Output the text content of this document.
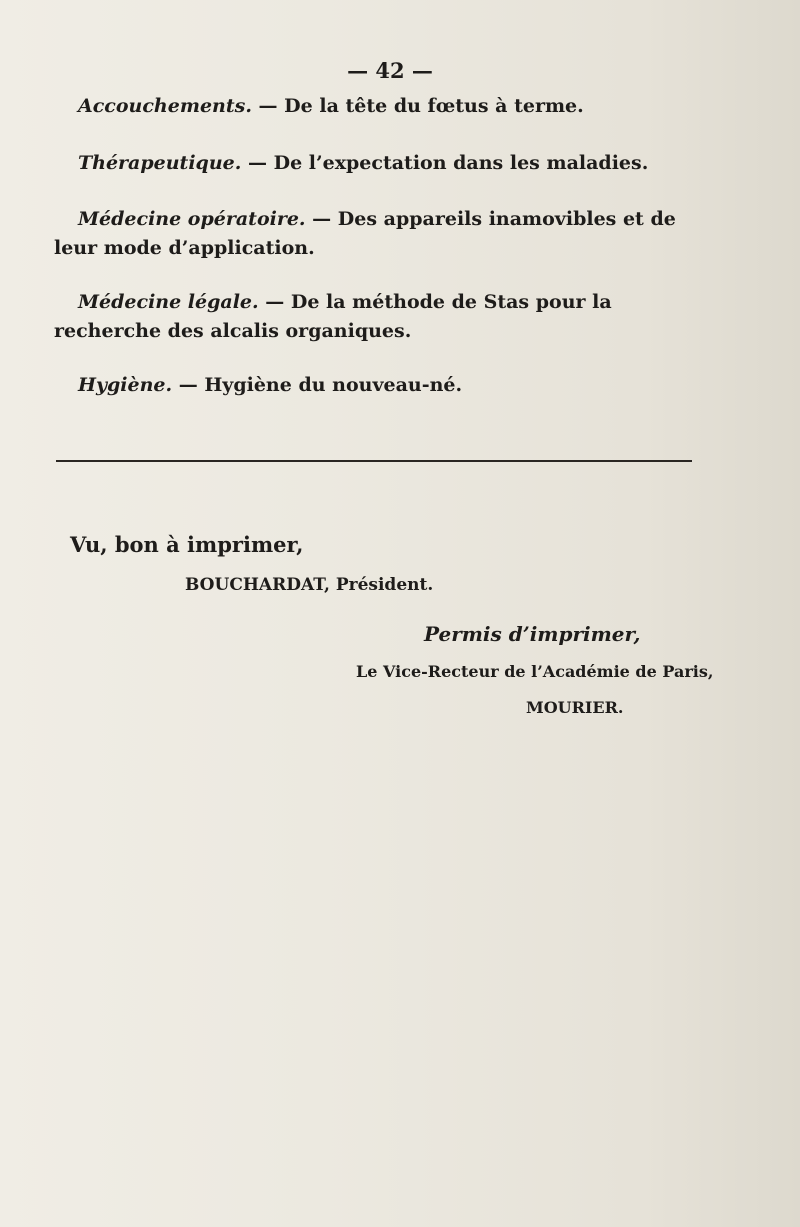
— 42 —
Accouchements. — De la tête du fœtus à terme.
Thérapeutique. — De l’expectation dans les maladies.
Médecine opératoire. — Des appareils inamovibles et de leur mode d’application.
Médecine légale. — De la méthode de Stas pour la recherche des alcalis organiques.
Hygiène. — Hygiène du nouveau-né.
Vu, bon à imprimer,
BOUCHARDAT, Président.
Permis d’imprimer,
Le Vice-Recteur de l’Académie de Paris,
MOURIER.
